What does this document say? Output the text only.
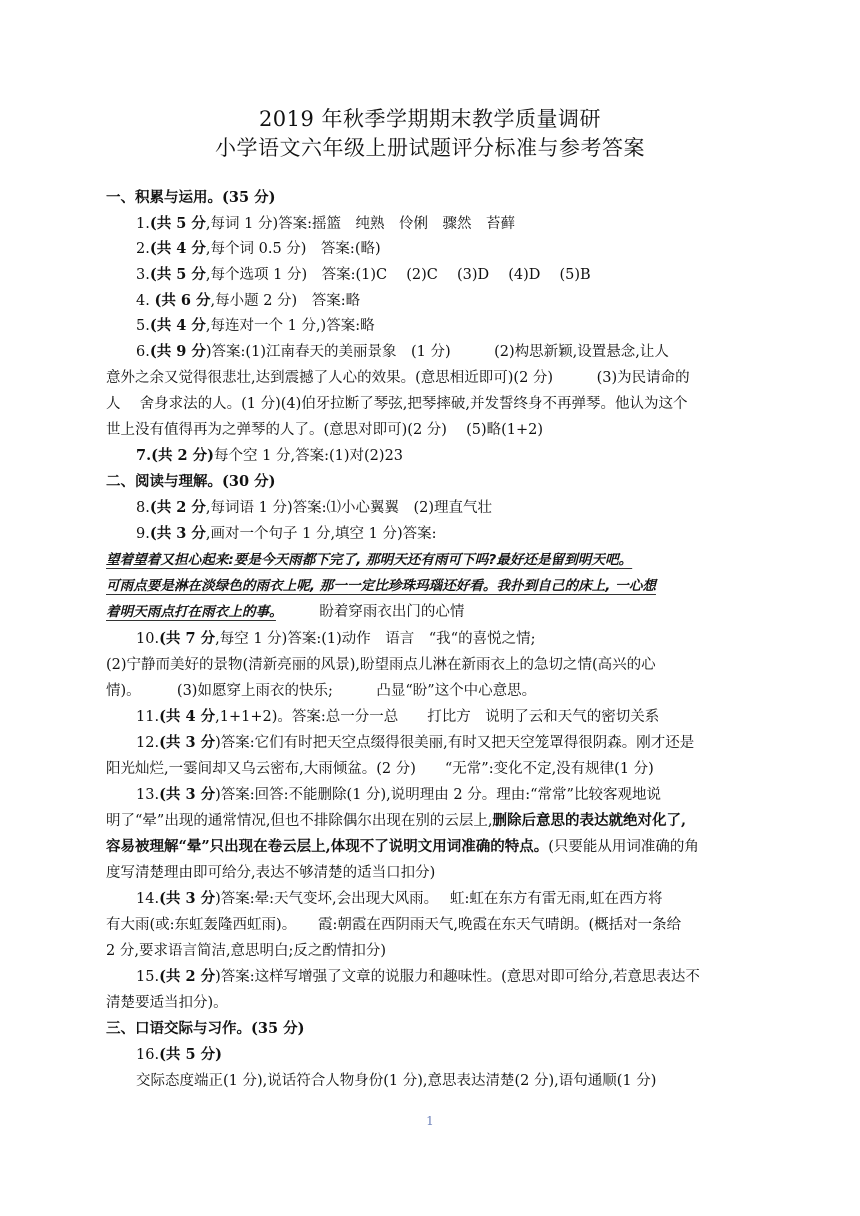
2019 年秋季学期期末教学质量调研
小学语文六年级上册试题评分标准与参考答案
一、积累与运用。(35 分)
1.(共 5 分,每词 1 分)答案:摇篮　纯熟　伶俐　骤然　苔藓
2.(共 4 分,每个词 0.5 分)　答案:(略)
3.(共 5 分,每个选项 1 分)　答案:(1)C　 (2)C　 (3)D　 (4)D　 (5)B
4. (共 6 分,每小题 2 分)　答案:略
5.(共 4 分,每连对一个 1 分,)答案:略
6.(共 9 分)答案:(1)江南春天的美丽景象　(1 分)　　　(2)构思新颖,设置悬念,让人
意外之余又觉得很悲壮,达到震撼了人心的效果。(意思相近即可)(2 分)　　　(3)为民请命的
人　 舍身求法的人。(1 分)(4)伯牙拉断了琴弦,把琴摔破,并发誓终身不再弹琴。他认为这个
世上没有值得再为之弹琴的人了。(意思对即可)(2 分)　 (5)略(1+2)
7.(共 2 分)每个空 1 分,答案:(1)对(2)23
二、阅读与理解。(30 分)
8.(共 2 分,每词语 1 分)答案:⑴小心翼翼　(2)理直气壮
9.(共 3 分,画对一个句子 1 分,填空 1 分)答案:
望着望着又担心起来:要是今天雨都下完了, 那明天还有雨可下吗?最好还是留到明天吧。
可雨点要是淋在淡绿色的雨衣上呢, 那一一定比珍珠玛瑙还好看。我扑到自己的床上, 一心想
着明天雨点打在雨衣上的事。　　　盼着穿雨衣出门的心情
10.(共 7 分,每空 1 分)答案:(1)动作　语言　“我“的喜悦之情;
(2)宁静而美好的景物(清新亮丽的风景),盼望雨点儿淋在新雨衣上的急切之情(高兴的心
情)。　　　(3)如愿穿上雨衣的快乐;　　　凸显“盼”这个中心意思。
11.(共 4 分,1+1+2)。答案:总一分一总　　打比方　说明了云和天气的密切关系
12.(共 3 分)答案:它们有时把天空点缀得很美丽,有时又把天空笼罩得很阴森。刚才还是
阳光灿烂,一霎间却又乌云密布,大雨倾盆。(2 分)　　“无常”:变化不定,没有规律(1 分)
13.(共 3 分)答案:回答:不能删除(1 分),说明理由 2 分。理由:“常常”比较客观地说
明了“晕”出现的通常情况,但也不排除偶尔出现在别的云层上,删除后意思的表达就绝对化了,
容易被理解“晕”只出现在卷云层上,体现不了说明文用词准确的特点。(只要能从用词准确的角
度写清楚理由即可给分,表达不够清楚的适当口扣分)
14.(共 3 分)答案:晕:天气变坏,会出现大风雨。　 虹:虹在东方有雷无雨,虹在西方将
有大雨(或:东虹轰隆西虹雨)。　　霞:朝霞在西阴雨天气,晚霞在东天气晴朗。(概括对一条给
2 分,要求语言简洁,意思明白;反之酌情扣分)
15.(共 2 分)答案:这样写增强了文章的说服力和趣味性。(意思对即可给分,若意思表达不
清楚要适当扣分)。
三、口语交际与习作。(35 分)
16.(共 5 分)
交际态度端正(1 分),说话符合人物身份(1 分),意思表达清楚(2 分),语句通顺(1 分)
1
